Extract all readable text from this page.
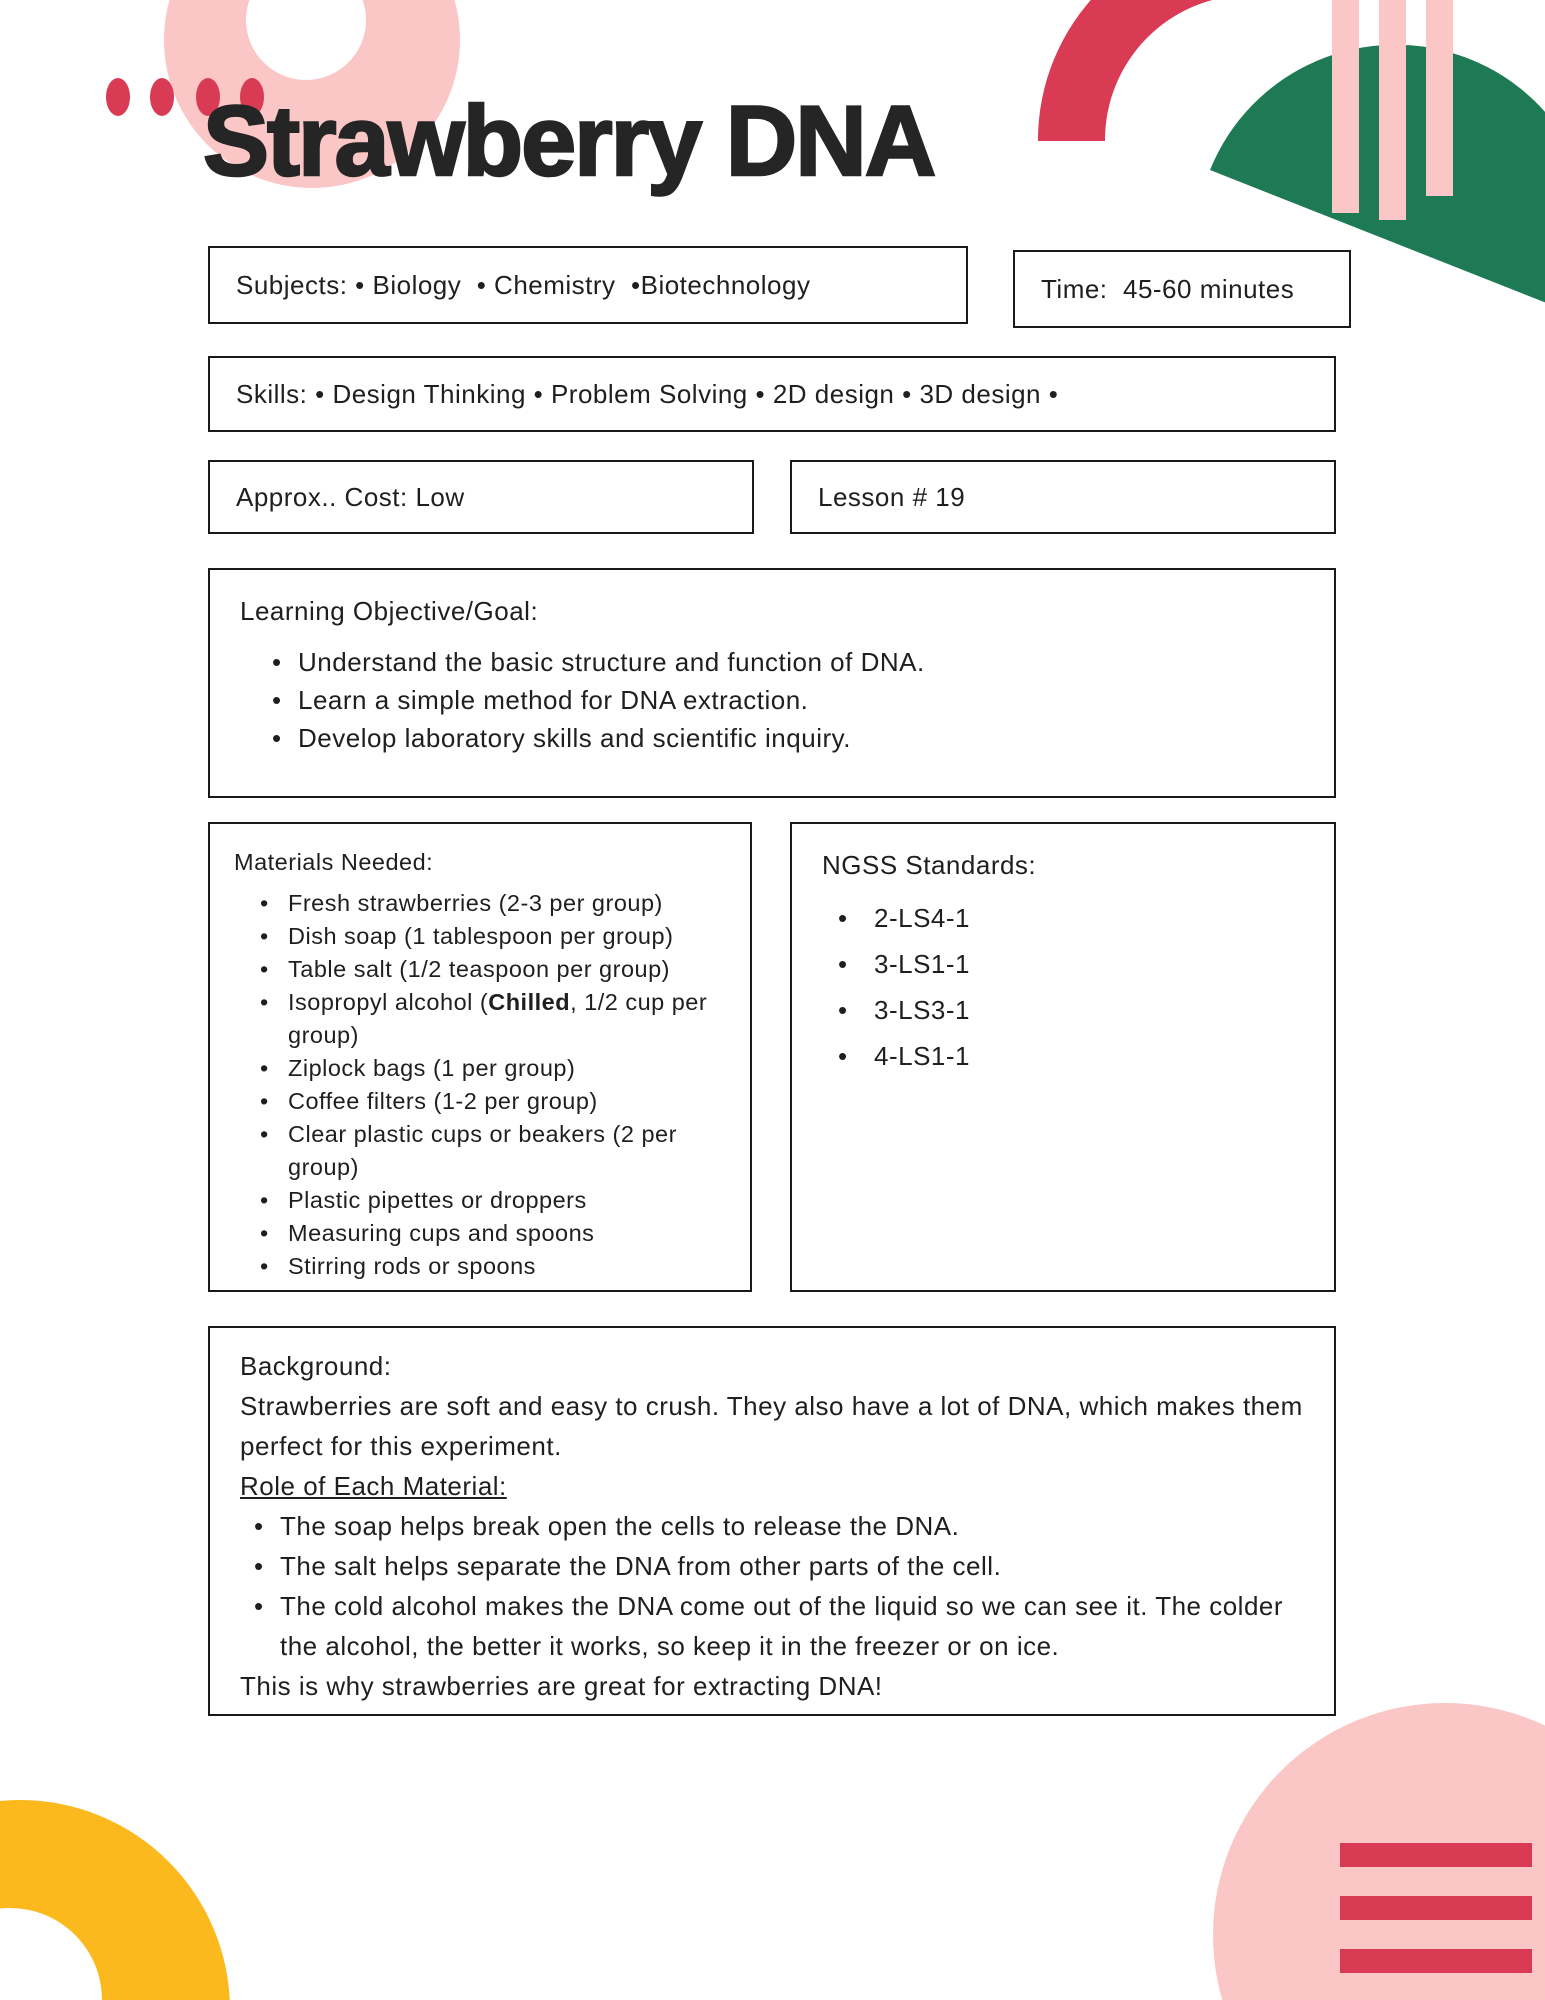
Strawberry DNA
Subjects: • Biology  • Chemistry  •Biotechnology	Time:  45-60 minutes
Skills: • Design Thinking • Problem Solving • 2D design • 3D design •
Approx.. Cost: Low	Lesson # 19
Learning Objective/Goal:
• Understand the basic structure and function of DNA.
• Learn a simple method for DNA extraction.
• Develop laboratory skills and scientific inquiry.
Materials Needed:
• Fresh strawberries (2-3 per group)
• Dish soap (1 tablespoon per group)
• Table salt (1/2 teaspoon per group)
• Isopropyl alcohol (Chilled, 1/2 cup per group)
• Ziplock bags (1 per group)
• Coffee filters (1-2 per group)
• Clear plastic cups or beakers (2 per group)
• Plastic pipettes or droppers
• Measuring cups and spoons
• Stirring rods or spoons
NGSS Standards:
• 2-LS4-1
• 3-LS1-1
• 3-LS3-1
• 4-LS1-1
Background:

Strawberries are soft and easy to crush. They also have a lot of DNA, which makes them perfect for this experiment.

Role of Each Material:
• The soap helps break open the cells to release the DNA.
• The salt helps separate the DNA from other parts of the cell.
• The cold alcohol makes the DNA come out of the liquid so we can see it. The colder the alcohol, the better it works, so keep it in the freezer or on ice.

This is why strawberries are great for extracting DNA!
